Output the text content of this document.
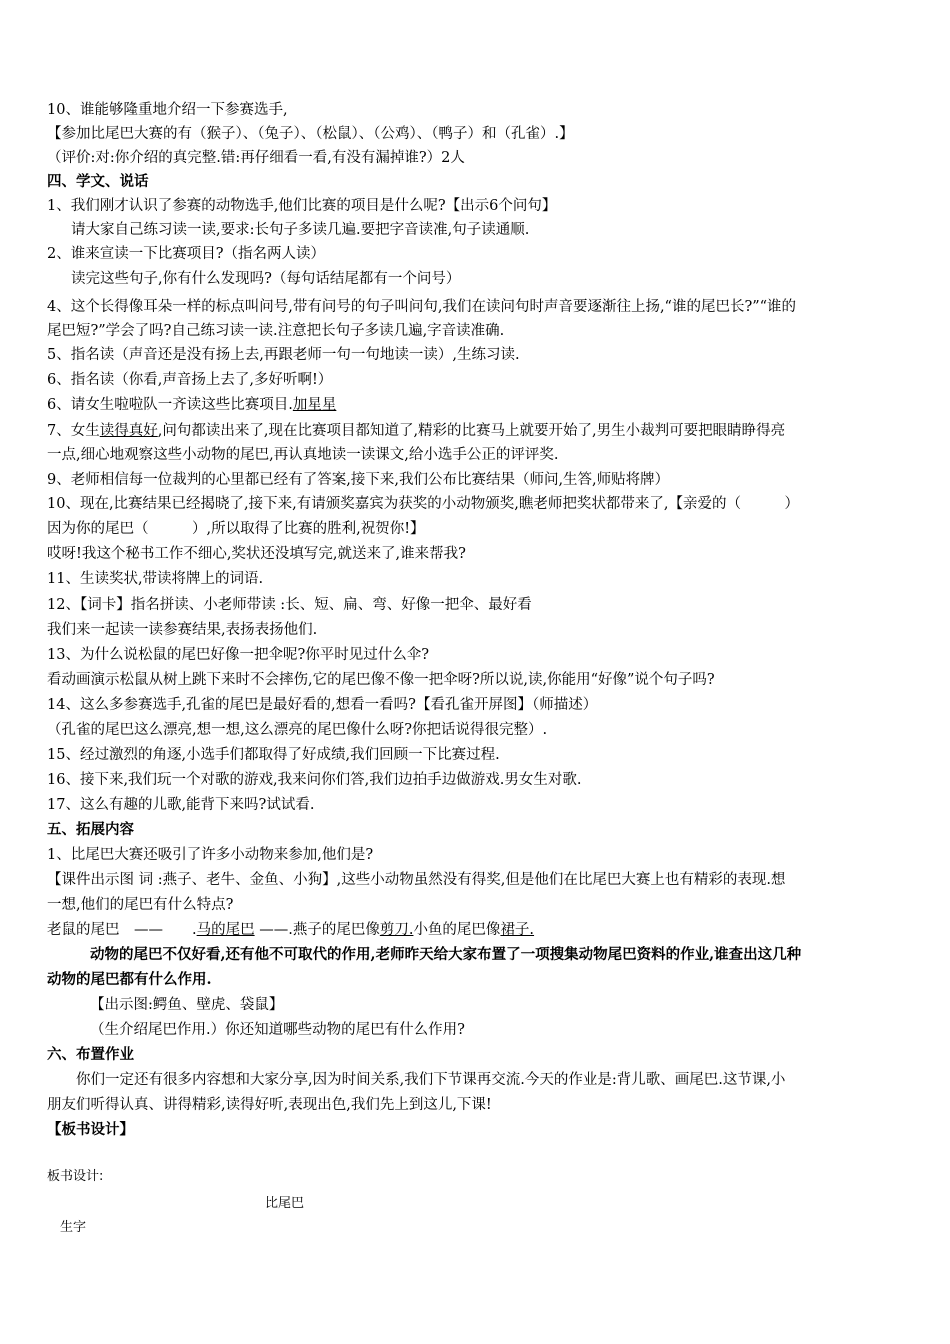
10、谁能够隆重地介绍一下参赛选手,
【参加比尾巴大赛的有（猴子）、（兔子）、（松鼠）、（公鸡）、（鸭子）和（孔雀）.】
（评价:对:你介绍的真完整.错:再仔细看一看,有没有漏掉谁?）2人
四、学文、说话
1、我们刚才认识了参赛的动物选手,他们比赛的项目是什么呢?【出示6个问句】
请大家自己练习读一读,要求:长句子多读几遍.要把字音读准,句子读通顺.
2、谁来宣读一下比赛项目?（指名两人读）
读完这些句子,你有什么发现吗?（每句话结尾都有一个问号）
4、这个长得像耳朵一样的标点叫问号,带有问号的句子叫问句,我们在读问句时声音要逐渐往上扬,“谁的尾巴长?”“谁的
尾巴短?”学会了吗?自己练习读一读.注意把长句子多读几遍,字音读准确.
5、指名读（声音还是没有扬上去,再跟老师一句一句地读一读）,生练习读.
6、指名读（你看,声音扬上去了,多好听啊!）
6、请女生啦啦队一齐读这些比赛项目.加星星
7、女生读得真好,问句都读出来了,现在比赛项目都知道了,精彩的比赛马上就要开始了,男生小裁判可要把眼睛睁得亮
一点,细心地观察这些小动物的尾巴,再认真地读一读课文,给小选手公正的评评奖.
9、老师相信每一位裁判的心里都已经有了答案,接下来,我们公布比赛结果（师问,生答,师贴将牌）
10、现在,比赛结果已经揭晓了,接下来,有请颁奖嘉宾为获奖的小动物颁奖,瞧老师把奖状都带来了,【亲爱的（　　　）
因为你的尾巴（　　　）,所以取得了比赛的胜利,祝贺你!】
哎呀!我这个秘书工作不细心,奖状还没填写完,就送来了,谁来帮我?
11、生读奖状,带读将牌上的词语.
12、【词卡】指名拼读、小老师带读 :长、短、扁、弯、好像一把伞、最好看
我们来一起读一读参赛结果,表扬表扬他们.
13、为什么说松鼠的尾巴好像一把伞呢?你平时见过什么伞?
看动画演示松鼠从树上跳下来时不会摔伤,它的尾巴像不像一把伞呀?所以说,读,你能用“好像”说个句子吗?
14、这么多参赛选手,孔雀的尾巴是最好看的,想看一看吗?【看孔雀开屏图】（师描述）
（孔雀的尾巴这么漂亮,想一想,这么漂亮的尾巴像什么呀?你把话说得很完整）.
15、经过激烈的角逐,小选手们都取得了好成绩,我们回顾一下比赛过程.
16、接下来,我们玩一个对歌的游戏,我来问你们答,我们边拍手边做游戏.男女生对歌.
17、这么有趣的儿歌,能背下来吗?试试看.
五、拓展内容
1、比尾巴大赛还吸引了许多小动物来参加,他们是?
【课件出示图 词 :燕子、老牛、金鱼、小狗】,这些小动物虽然没有得奖,但是他们在比尾巴大赛上也有精彩的表现.想
一想,他们的尾巴有什么特点?
老鼠的尾巴　——　　.马的尾巴 ——.燕子的尾巴像剪刀.小鱼的尾巴像裙子.
动物的尾巴不仅好看,还有他不可取代的作用,老师昨天给大家布置了一项搜集动物尾巴资料的作业,谁查出这几种
动物的尾巴都有什么作用.
【出示图:鳄鱼、壁虎、袋鼠】
（生介绍尾巴作用.）你还知道哪些动物的尾巴有什么作用?
六、布置作业
你们一定还有很多内容想和大家分享,因为时间关系,我们下节课再交流.今天的作业是:背儿歌、画尾巴.这节课,小
朋友们听得认真、讲得精彩,读得好听,表现出色,我们先上到这儿,下课!
【板书设计】
板书设计:
比尾巴
生字
